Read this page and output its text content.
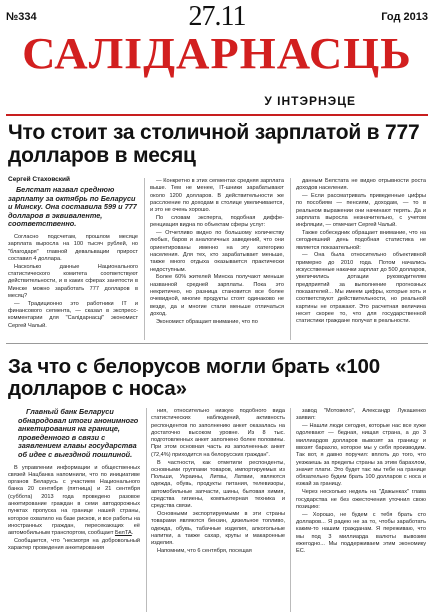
№334	27.11	Год 2013
САЛІДАРНАСЦЬ
У ІНТЭРНЭЦЕ
Что стоит за столичной зарплатой в 777 долларов в месяц
Сергей Стаховский
Белстат назвал среднюю зарплату за октябрь по Беларуси и Минску. Она составила 599 и 777 долларов в эквиваленте, соответственно.

Согласно подсчетам, прошлом месяце зарплата выросла на 100 тысяч рублей, но "благодаря" главной девальвации прирост составил 4 доллара.

Насколько данные Национального статистического комитета соответствуют действительности, и в каких сферах занятости в Минске можно заработать 777 долларов в месяц?

— Традиционно это работники IT и финансового сегмента, — сказал в экспресс-комментарии для "Салідарнасці" экономист Сергей Чалый.

— Конкретно в этих сегментах средняя зарплата выше. Тем не менее, IT-шники зарабатывают около 1200 долларов. В действительности же расслоение по доходам в столице увеличивается, и это не очень хорошо.

По словам эксперта, подобная дифференциация видна по объектам сферы услуг:

— Отчетливо видно по большому количеству любых, баров и аналогичных заведений, что они ориентированы именно на эту категорию населения. Для тех, кто зарабатывает меньше, также много отдыха оказывается практически недоступным.

Более 60% жителей Минска получают меньше названной средней зарплаты. Пока это некритично, но разница становится все более очевидной, многие продукты стоят одинаково не везде, да и многие стали меньше отличаться доход.

Экономист обращает внимание, что по

данным Белстата не видно отрывности роста доходов населения.

— Если рассматривать приведенные цифры по пособиям — пенсиям, доходам, — то в реальном выражении они начинают терять. Да и зарплата выросла незначительно, с учетом инфляции, — отмечает Сергей Чалый.

Также собеседник обращает внимание, что на сегодняшний день подобная статистика не является показательной:

— Она была относительно объективной примерно до 2010 года. Потом начались искусственные накачки зарплат до 500 долларов, увеличились дотации руководителям предприятий за выполнение прогнозных показателей... Мы имеем цифры, которые хоть и соответствуют действительности, но реальной картины не отражают. Это расчетная величина несет скорее то, что для государственной статистики граждане получат в реальности.

За что с белорусов могли брать «100 долларов с носа»
Главный банк Беларуси обнародовал итоги анонимного анкетирования на границе, проведенного в связи с заявлением главы государства об идее с выездной пошлиной.

В управлении информации и общественных связей Нацбанка напомнили, что по инициативе органов Беларусь с участием Национального банка 20 сентября (пятница) и 21 сентября (суббота) 2013 года проведено разовое анкетирование граждан в семи автодорожных пунктах пропуска на границе нашей страны, которое охватило на базе рисков, и все работы на иностранных граждан, пересекающих её автомобильным транспортом, сообщает БелТА.

Сообщается, что "несмотря на добровольный характер проведения анкетирования

ния, относительно низкую подобного вида статистических наблюдений, активность респондентов по заполнению анкет оказалась на достаточно высоком уровне. Из 8 тыс. подготовленных анкет заполнено более половины. При этом основная часть из заполненных анкет (72,4%) приходится на белорусских граждан".

В частности, как отметили респонденты, основными группами товаров, импортируемых из Польши, Украины, Литвы, Латвии, являются одежда, обувь, продукты питания, телевизоры, автомобильные запчасти, шины, бытовая химия, средства гигиены, компьютерная техника и средства связи.

Основными экспортируемыми в эти страны товарами являются бензин, дизельное топливо, одежда, обувь, табачные изделия, алкогольные напитки, а также сахар, крупы и макаронные изделия.

Напомним, что 6 сентября, посещая

завод "Мотовело", Александр Лукашенко заявил:

— Нашли люди сегодня, которые нас все хуже одолевают — бедная, нищая страна, а до 3 миллиардов долларов вывозят за границу и ввозят барахло, которое мы у себя производим. Так вот, я давно поручил: вплоть до того, что уезжаешь за пределы страны за этим барахлом, значит плати. Это будет так: мы тебе на границе обязательно будем брать 100 долларов с носа и езжай за границу.

Через несколько недель на "Дажынках" глава государства не без ожесточения уточнил свою позицию:

— Хорошо, не будем с тебя брать сто долларов... Я радею не за то, чтобы заработать каким-то нашим гражданам. Я переживаю, что мы под 3 миллиарда валюты вывозим ежегодно... Мы поддерживаем этим экономику ЕС.
